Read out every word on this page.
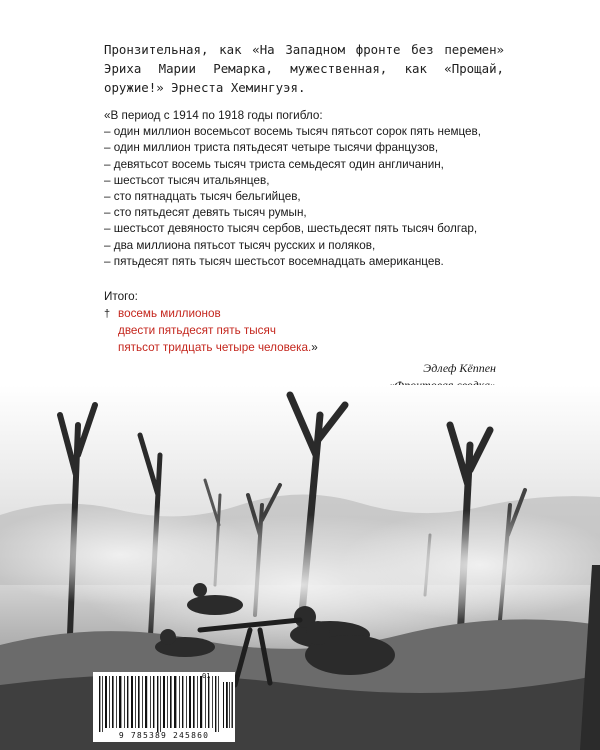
Пронзительная, как «На Западном фронте без перемен» Эриха Марии Ремарка, мужественная, как «Прощай, оружие!» Эрнеста Хемингуэя.
«В период с 1914 по 1918 годы погибло:
– один миллион восемьсот восемь тысяч пятьсот сорок пять немцев,
– один миллион триста пятьдесят четыре тысячи французов,
– девятьсот восемь тысяч триста семьдесят один англичанин,
– шестьсот тысяч итальянцев,
– сто пятнадцать тысяч бельгийцев,
– сто пятьдесят девять тысяч румын,
– шестьсот девяносто тысяч сербов, шестьдесят пять тысяч болгар,
– два миллиона пятьсот тысяч русских и поляков,
– пятьдесят пять тысяч шестьсот восемнадцать американцев.
Итого:
† восемь миллионов
двести пятьдесят пять тысяч
пятьсот тридцать четыре человека.»
Эдлеф Кёппен
01
9 785389 245860
